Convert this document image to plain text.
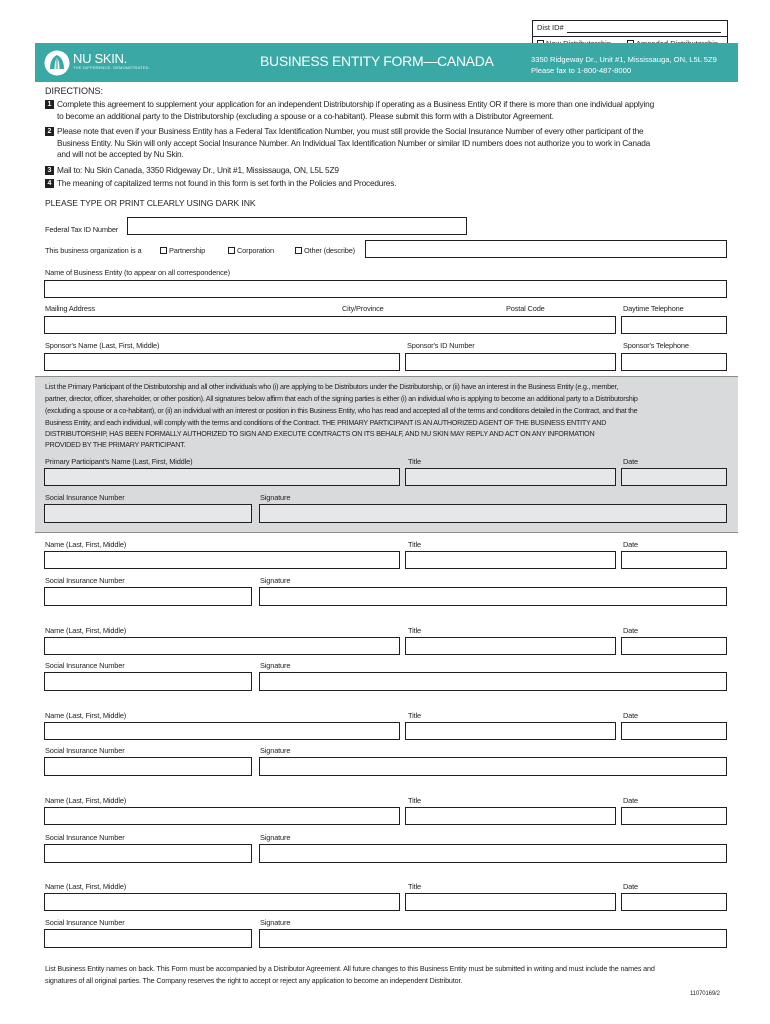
Dist ID#
NU SKIN.
THE DIFFERENCE. DEMONSTRATED.	BUSINESS ENTITY FORM—CANADA	3350 Ridgeway Dr., Unit #1, Mississauga, ON, L5L 5Z9
Please fax to 1-800-487-8000
DIRECTIONS:
1 Complete this agreement to supplement your application for an independent Distributorship if operating as a Business Entity OR if there is more than one individual applying
to become an additional party to the Distributorship (excluding a spouse or a co-habitant). Please submit this form with a Distributor Agreement.
2 Please note that even if your Business Entity has a Federal Tax Identification Number, you must still provide the Social Insurance Number of every other participant of the
Business Entity. Nu Skin will only accept Social Insurance Number. An Individual Tax Identification Number or similar ID numbers does not authorize you to work in Canada
and will not be accepted by Nu Skin.
3 Mail to: Nu Skin Canada, 3350 Ridgeway Dr., Unit #1, Mississauga, ON, L5L 5Z9
4 The meaning of capitalized terms not found in this form is set forth in the Policies and Procedures.
PLEASE TYPE OR PRINT CLEARLY USING DARK INK
Federal Tax ID Number
This business organization is a	Partnership	Corporation	Other (describe)
Name of Business Entity (to appear on all correspondence)
Mailing Address	City/Province	Postal Code	Daytime Telephone
Sponsor's Name (Last, First, Middle)	Sponsor's ID Number	Sponsor's Telephone
List the Primary Participant of the Distributorship and all other individuals who (i) are applying to be Distributors under the Distributorship, or (ii) have an interest in the Business Entity (e.g., member,
partner, director, officer, shareholder, or other position). All signatures below affirm that each of the signing parties is either (i) an individual who is applying to become an additional party to a Distributorship
(excluding a spouse or a co-habitant), or (ii) an individual with an interest or position in this Business Entity, who has read and accepted all of the terms and conditions detailed in the Contract, and that the
Business Entity, and each individual, will comply with the terms and conditions of the Contract. THE PRIMARY PARTICIPANT IS AN AUTHORIZED AGENT OF THE BUSINESS ENTITY AND
DISTRIBUTORSHIP, HAS BEEN FORMALLY AUTHORIZED TO SIGN AND EXECUTE CONTRACTS ON ITS BEHALF, AND NU SKIN MAY REPLY AND ACT ON ANY INFORMATION
PROVIDED BY THE PRIMARY PARTICIPANT.
Primary Participant's Name (Last, First, Middle)	Title	Date
Social Insurance Number	Signature
Name (Last, First, Middle)	Title	Date
Social Insurance Number	Signature
Name (Last, First, Middle)	Title	Date
Social Insurance Number	Signature
Name (Last, First, Middle)	Title	Date
Social Insurance Number	Signature
Name (Last, First, Middle)	Title	Date
Social Insurance Number	Signature
Name (Last, First, Middle)	Title	Date
Social Insurance Number	Signature
List Business Entity names on back. This Form must be accompanied by a Distributor Agreement. All future changes to this Business Entity must be submitted in writing and must include the names and
signatures of all original parties. The Company reserves the right to accept or reject any application to become an independent Distributor.
11070169/2
